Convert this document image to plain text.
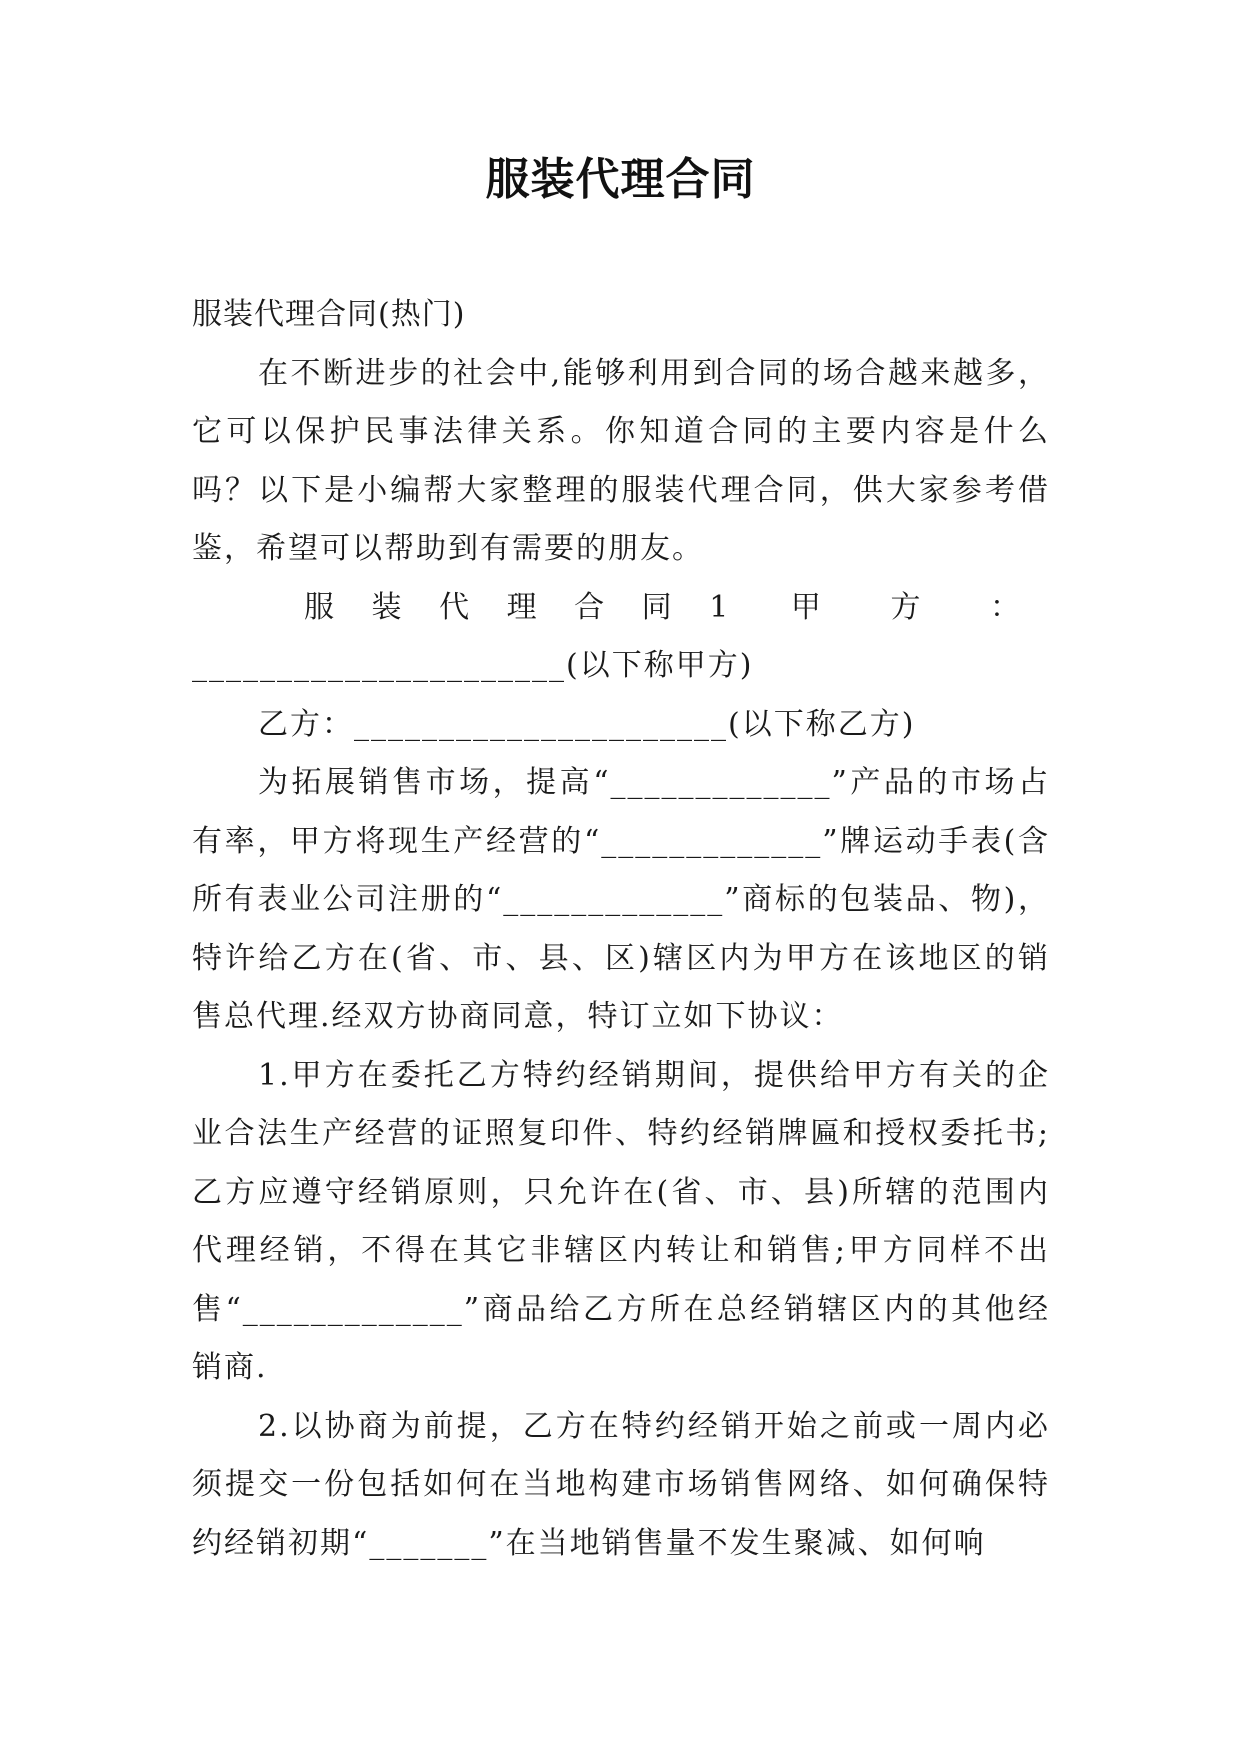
服装代理合同

服装代理合同(热门)

在不断进步的社会中,能够利用到合同的场合越来越多，它可以保护民事法律关系。你知道合同的主要内容是什么吗？以下是小编帮大家整理的服装代理合同，供大家参考借鉴，希望可以帮助到有需要的朋友。

服 装 代 理 合 同 1 甲 方 ：

______________________(以下称甲方)

乙方：______________________(以下称乙方)

为拓展销售市场，提高“_____________”产品的市场占有率，甲方将现生产经营的“_____________”牌运动手表(含所有表业公司注册的“_____________”商标的包装品、物)，特许给乙方在(省、市、县、区)辖区内为甲方在该地区的销售总代理.经双方协商同意，特订立如下协议：

1.甲方在委托乙方特约经销期间，提供给甲方有关的企业合法生产经营的证照复印件、特约经销牌匾和授权委托书;乙方应遵守经销原则，只允许在(省、市、县)所辖的范围内代理经销，不得在其它非辖区内转让和销售;甲方同样不出售“_____________”商品给乙方所在总经销辖区内的其他经销商.

2.以协商为前提，乙方在特约经销开始之前或一周内必须提交一份包括如何在当地构建市场销售网络、如何确保特约经销初期“_______”在当地销售量不发生聚减、如何响
